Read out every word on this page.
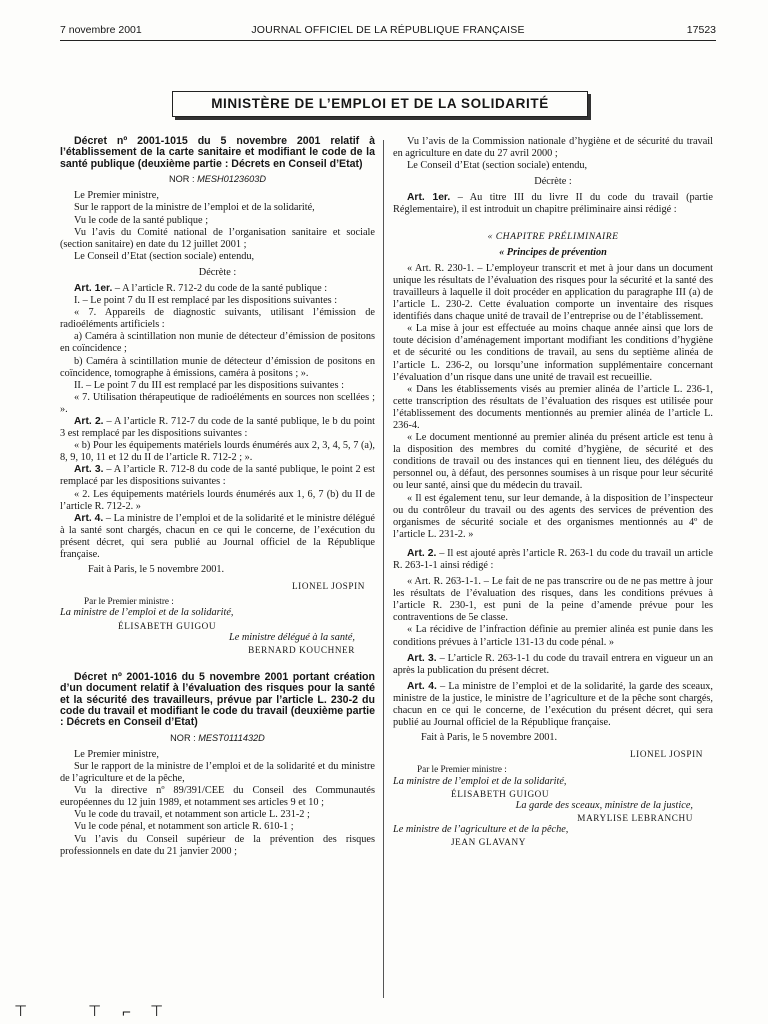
7 novembre 2001	JOURNAL OFFICIEL DE LA RÉPUBLIQUE FRANÇAISE	17523
MINISTÈRE DE L’EMPLOI ET DE LA SOLIDARITÉ

Décret nº 2001-1015 du 5 novembre 2001 relatif à l’établissement de la carte sanitaire et modifiant le code de la santé publique (deuxième partie : Décrets en Conseil d’Etat)

NOR : MESH0123603D

Le Premier ministre,

Sur le rapport de la ministre de l’emploi et de la solidarité,

Vu le code de la santé publique ;

Vu l’avis du Comité national de l’organisation sanitaire et sociale (section sanitaire) en date du 12 juillet 2001 ;

Le Conseil d’Etat (section sociale) entendu,

Décrète :

Art. 1er. – A l’article R. 712-2 du code de la santé publique :

I. – Le point 7 du II est remplacé par les dispositions suivantes :

« 7. Appareils de diagnostic suivants, utilisant l’émission de radioéléments artificiels :

a) Caméra à scintillation non munie de détecteur d’émission de positons en coïncidence ;

b) Caméra à scintillation munie de détecteur d’émission de positons en coïncidence, tomographe à émissions, caméra à positons ; ».

II. – Le point 7 du III est remplacé par les dispositions suivantes :

« 7. Utilisation thérapeutique de radioéléments en sources non scellées ; ».

Art. 2. – A l’article R. 712-7 du code de la santé publique, le b du point 3 est remplacé par les dispositions suivantes :

« b) Pour les équipements matériels lourds énumérés aux 2, 3, 4, 5, 7 (a), 8, 9, 10, 11 et 12 du II de l’article R. 712-2 ; ».

Art. 3. – A l’article R. 712-8 du code de la santé publique, le point 2 est remplacé par les dispositions suivantes :

« 2. Les équipements matériels lourds énumérés aux 1, 6, 7 (b) du II de l’article R. 712-2. »

Art. 4. – La ministre de l’emploi et de la solidarité et le ministre délégué à la santé sont chargés, chacun en ce qui le concerne, de l’exécution du présent décret, qui sera publié au Journal officiel de la République française.

Fait à Paris, le 5 novembre 2001.

LIONEL JOSPIN

Par le Premier ministre :

La ministre de l’emploi et de la solidarité,

ÉLISABETH GUIGOU

Le ministre délégué à la santé,

BERNARD KOUCHNER

Décret nº 2001-1016 du 5 novembre 2001 portant création d’un document relatif à l’évaluation des risques pour la santé et la sécurité des travailleurs, prévue par l’article L. 230-2 du code du travail et modifiant le code du travail (deuxième partie : Décrets en Conseil d’Etat)

NOR : MEST0111432D

Le Premier ministre,

Sur le rapport de la ministre de l’emploi et de la solidarité et du ministre de l’agriculture et de la pêche,

Vu la directive nº 89/391/CEE du Conseil des Communautés européennes du 12 juin 1989, et notamment ses articles 9 et 10 ;

Vu le code du travail, et notamment son article L. 231-2 ;

Vu le code pénal, et notamment son article R. 610-1 ;

Vu l’avis du Conseil supérieur de la prévention des risques professionnels en date du 21 janvier 2000 ;

Vu l’avis de la Commission nationale d’hygiène et de sécurité du travail en agriculture en date du 27 avril 2000 ;

Le Conseil d’Etat (section sociale) entendu,

Décrète :

Art. 1er. – Au titre III du livre II du code du travail (partie Réglementaire), il est introduit un chapitre préliminaire ainsi rédigé :

« CHAPITRE PRÉLIMINAIRE

« Principes de prévention

« Art. R. 230-1. – L’employeur transcrit et met à jour dans un document unique les résultats de l’évaluation des risques pour la sécurité et la santé des travailleurs à laquelle il doit procéder en application du paragraphe III (a) de l’article L. 230-2. Cette évaluation comporte un inventaire des risques identifiés dans chaque unité de travail de l’entreprise ou de l’établissement.

« La mise à jour est effectuée au moins chaque année ainsi que lors de toute décision d’aménagement important modifiant les conditions d’hygiène et de sécurité ou les conditions de travail, au sens du septième alinéa de l’article L. 236-2, ou lorsqu’une information supplémentaire concernant l’évaluation d’un risque dans une unité de travail est recueillie.

« Dans les établissements visés au premier alinéa de l’article L. 236-1, cette transcription des résultats de l’évaluation des risques est utilisée pour l’établissement des documents mentionnés au premier alinéa de l’article L. 236-4.

« Le document mentionné au premier alinéa du présent article est tenu à la disposition des membres du comité d’hygiène, de sécurité et des conditions de travail ou des instances qui en tiennent lieu, des délégués du personnel ou, à défaut, des personnes soumises à un risque pour leur sécurité ou leur santé, ainsi que du médecin du travail.

« Il est également tenu, sur leur demande, à la disposition de l’inspecteur ou du contrôleur du travail ou des agents des services de prévention des organismes de sécurité sociale et des organismes mentionnés au 4º de l’article L. 231-2. »

Art. 2. – Il est ajouté après l’article R. 263-1 du code du travail un article R. 263-1-1 ainsi rédigé :

« Art. R. 263-1-1. – Le fait de ne pas transcrire ou de ne pas mettre à jour les résultats de l’évaluation des risques, dans les conditions prévues à l’article R. 230-1, est puni de la peine d’amende prévue pour les contraventions de 5e classe.

« La récidive de l’infraction définie au premier alinéa est punie dans les conditions prévues à l’article 131-13 du code pénal. »

Art. 3. – L’article R. 263-1-1 du code du travail entrera en vigueur un an après la publication du présent décret.

Art. 4. – La ministre de l’emploi et de la solidarité, la garde des sceaux, ministre de la justice, le ministre de l’agriculture et de la pêche sont chargés, chacun en ce qui le concerne, de l’exécution du présent décret, qui sera publié au Journal officiel de la République française.

Fait à Paris, le 5 novembre 2001.

LIONEL JOSPIN

Par le Premier ministre :

La ministre de l’emploi et de la solidarité,

ÉLISABETH GUIGOU

La garde des sceaux, ministre de la justice,

MARYLISE LEBRANCHU

Le ministre de l’agriculture et de la pêche,

JEAN GLAVANY

⊤	⊤ ⌐ ⊤
